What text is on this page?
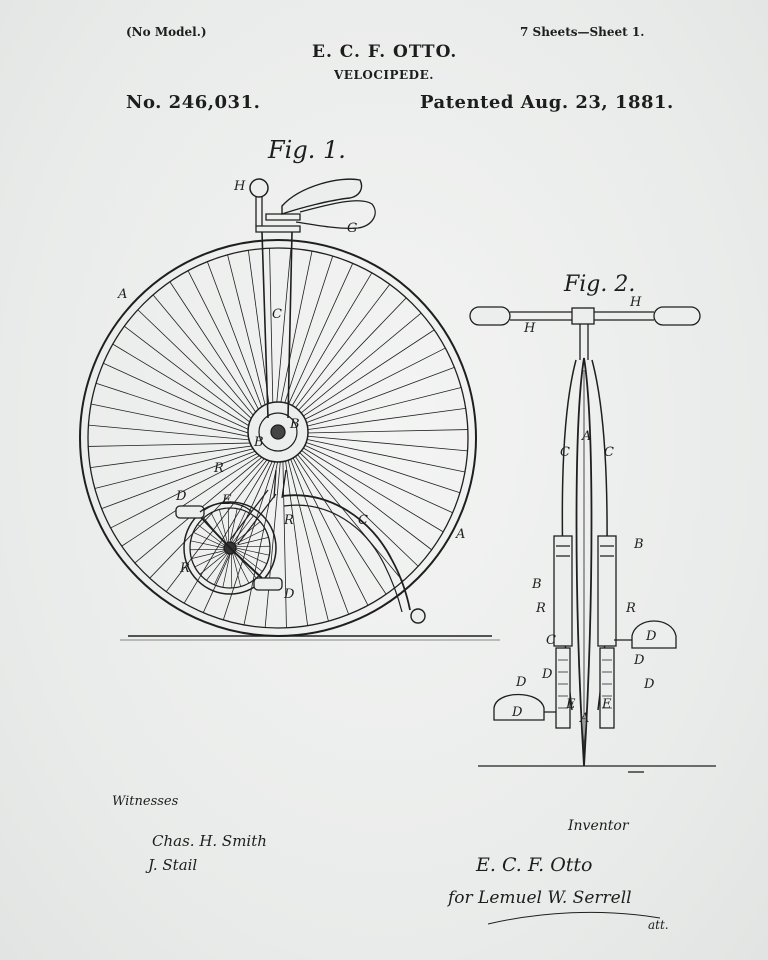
(No Model.)	7 Sheets—Sheet 1.
E. C. F. OTTO.
VELOCIPEDE.
No. 246,031.	Patented Aug. 23, 1881.
Fig. 1.
Fig. 2.
H
G
A
C
B
B
R
D	E
R	C
A
R
D
H
H
C	C
A
B
B
R	R
C	D
D
D
D
D
D
E E
A
Witnesses
Chas. H. Smith
J. Stail
Inventor
E. C. F. Otto
for Lemuel W. Serrell
att.
